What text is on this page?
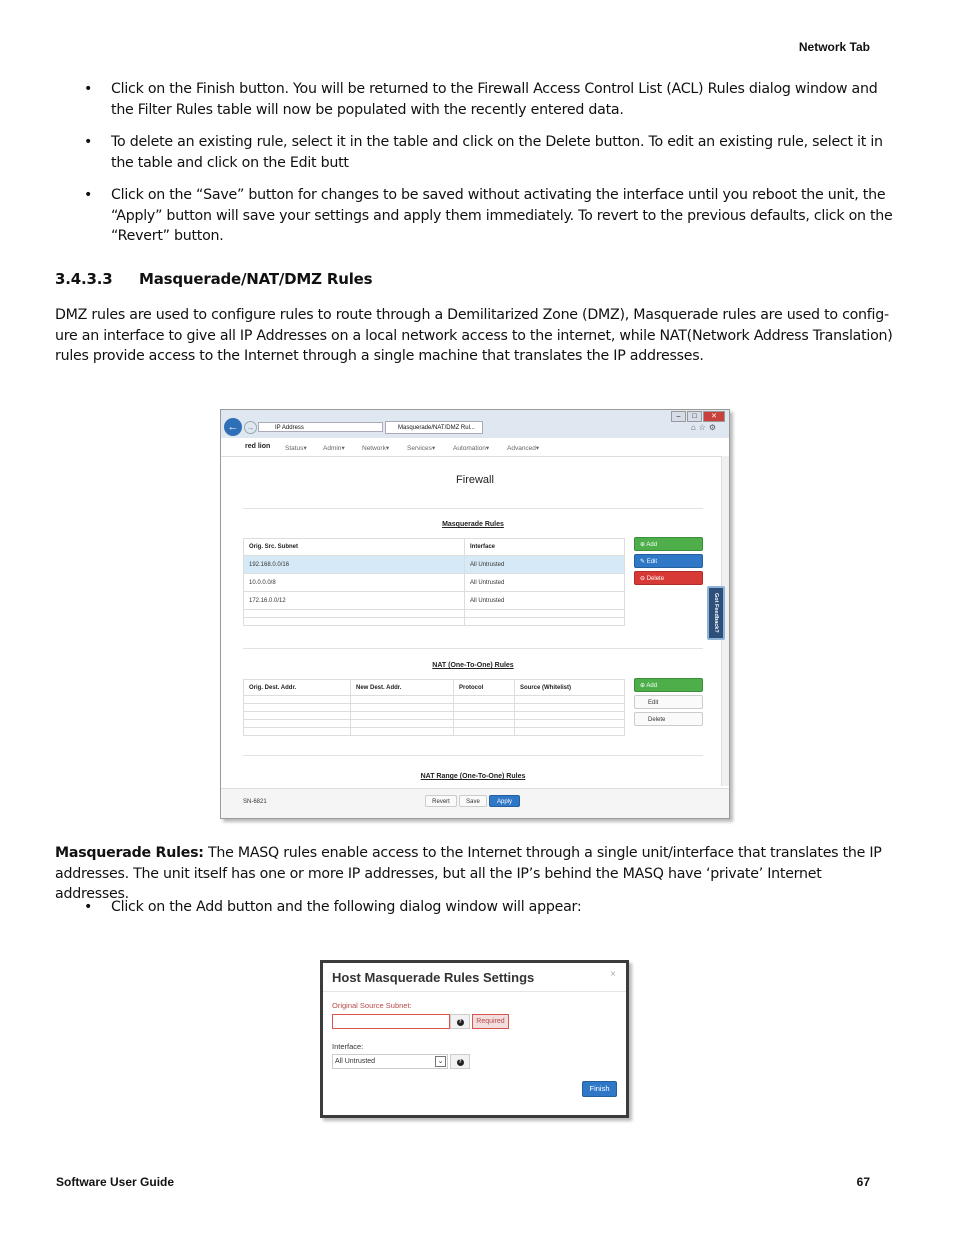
Network Tab
• Click on the Finish button. You will be returned to the Firewall Access Control List (ACL) Rules dialog window and the Filter Rules table will now be populated with the recently entered data.
• To delete an existing rule, select it in the table and click on the Delete button. To edit an existing rule, select it in the table and click on the Edit butt
• Click on the “Save” button for changes to be saved without activating the interface until you reboot the unit, the “Apply” button will save your settings and apply them immediately. To revert to the previous defaults, click on the “Revert” button.
3.4.3.3 Masquerade/NAT/DMZ Rules
DMZ rules are used to configure rules to route through a Demilitarized Zone (DMZ), Masquerade rules are used to config-ure an interface to give all IP Addresses on a local network access to the internet, while NAT(Network Address Translation) rules provide access to the Internet through a single machine that translates the IP addresses.
←	→	IP Address	Masquerade/NAT/DMZ Rul...
– □ ✕
⌂☆⚙
red lion Status▾	Admin▾	Network▾	Services▾	Automation▾	Advanced▾
Firewall
Masquerade Rules
Orig. Src. Subnet	Interface
192.168.0.0/16	All Untrusted
10.0.0.0/8	All Untrusted
172.16.0.0/12	All Untrusted

⊕ Add
✎ Edit
⊖ Delete
NAT (One-To-One) Rules
Orig. Dest. Addr.	New Dest. Addr.	Protocol	Source (Whitelist)

				⊕ Add
Edit
Delete
NAT Range (One-To-One) Rules
Got Feedback?
SN-6821	Revert	Save	Apply
Masquerade Rules: The MASQ rules enable access to the Internet through a single unit/interface that translates the IP addresses. The unit itself has one or more IP addresses, but all the IP’s behind the MASQ have ‘private’ Internet addresses.
• Click on the Add button and the following dialog window will appear:
Host Masquerade Rules Settings	×
Original Source Subnet:
?	Required
Interface:
All Untrusted	⌄	?
Finish
Software User Guide	67
